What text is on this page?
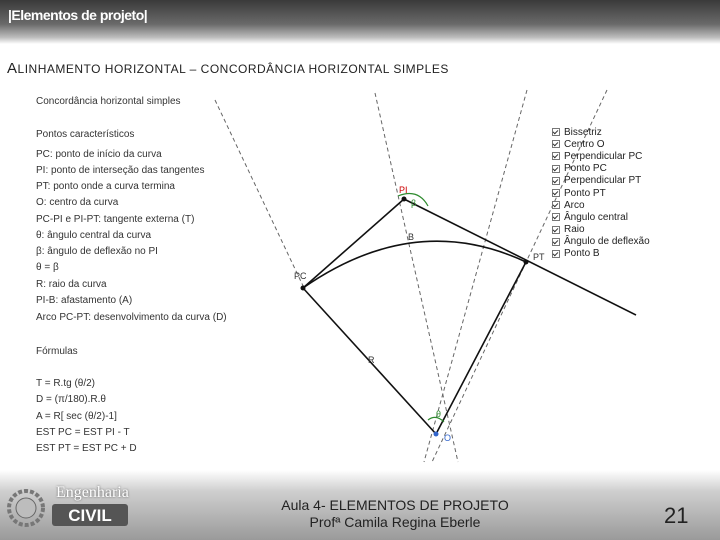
|Elementos de projeto|
ALINHAMENTO HORIZONTAL – CONCORDÂNCIA HORIZONTAL SIMPLES
PI
β
B
PC
PT
R
θ
O
Concordância horizontal simples
Pontos característicos
PC: ponto de início da curva
PI: ponto de interseção das tangentes
PT: ponto onde a curva termina
O: centro da curva
PC-PI e PI-PT: tangente externa (T)
θ: ângulo central da curva
β: ângulo de deflexão no PI
θ = β
R: raio da curva
PI-B: afastamento (A)
Arco PC-PT: desenvolvimento da curva (D)
Fórmulas
T = R.tg (θ/2)
D = (π/180).R.θ
A = R[ sec (θ/2)-1]
EST PC = EST PI - T
EST PT = EST PC + D
Bissetriz
Centro O
Perpendicular PC
Ponto PC
Perpendicular PT
Ponto PT
Arco
Ângulo central
Raio
Ângulo de deflexão
Ponto B
CIVIL
Engenharia
Aula 4- ELEMENTOS DE PROJETO
Profª Camila Regina Eberle	21
